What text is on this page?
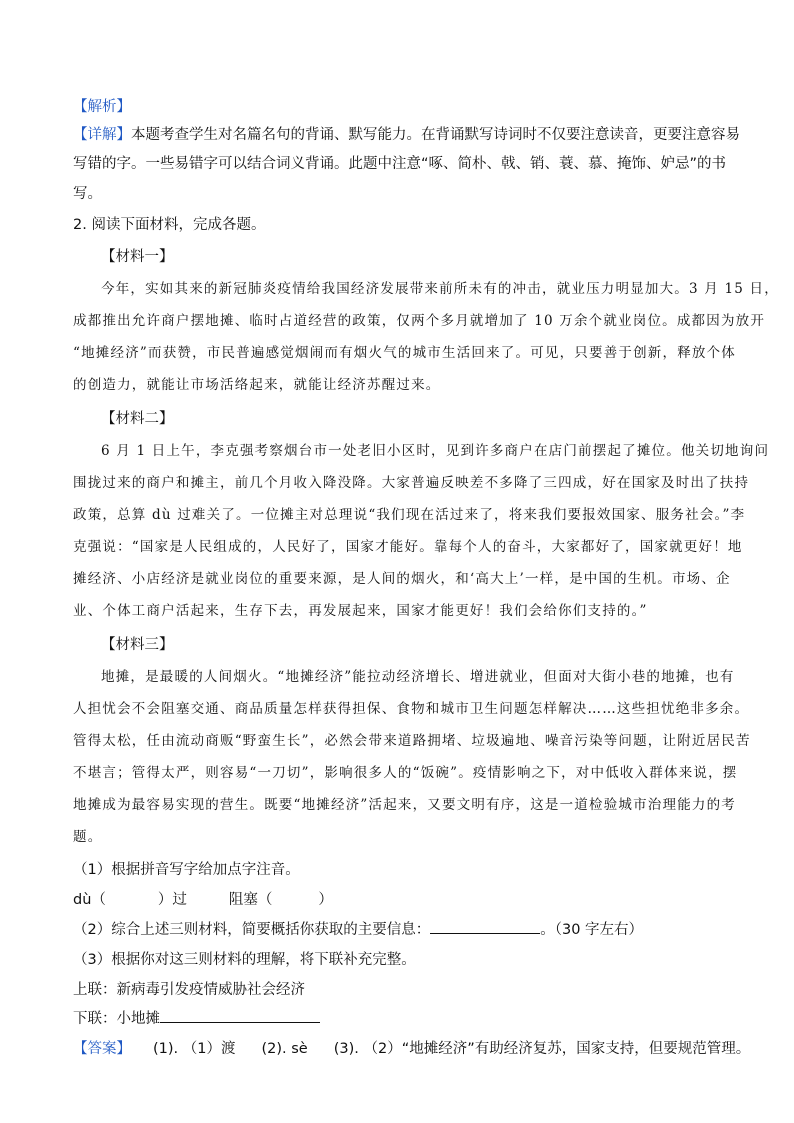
【解析】
【详解】本题考查学生对名篇名句的背诵、默写能力。在背诵默写诗词时不仅要注意读音，更要注意容易
写错的字。一些易错字可以结合词义背诵。此题中注意“啄、简朴、戟、销、蓑、慕、掩饰、妒忌”的书
写。
2. 阅读下面材料，完成各题。
【材料一】
今年，实如其来的新冠肺炎疫情给我国经济发展带来前所未有的冲击，就业压力明显加大。3 月 15 日，
成都推出允许商户摆地摊、临时占道经营的政策，仅两个多月就增加了 10 万余个就业岗位。成都因为放开
“地摊经济”而获赞，市民普遍感觉烟闹而有烟火气的城市生活回来了。可见，只要善于创新，释放个体
的创造力，就能让市场活络起来，就能让经济苏醒过来。
【材料二】
6 月 1 日上午，李克强考察烟台市一处老旧小区时，见到许多商户在店门前摆起了摊位。他关切地询问
围拢过来的商户和摊主，前几个月收入降没降。大家普遍反映差不多降了三四成，好在国家及时出了扶持
政策，总算 dù 过难关了。一位摊主对总理说“我们现在活过来了，将来我们要报效国家、服务社会。”李
克强说：“国家是人民组成的，人民好了，国家才能好。靠每个人的奋斗，大家都好了，国家就更好！地
摊经济、小店经济是就业岗位的重要来源，是人间的烟火，和‘高大上’一样，是中国的生机。市场、企
业、个体工商户活起来，生存下去，再发展起来，国家才能更好！我们会给你们支持的。”
【材料三】
地摊，是最暖的人间烟火。“地摊经济”能拉动经济增长、增进就业，但面对大街小巷的地摊，也有
人担忧会不会阻塞交通、商品质量怎样获得担保、食物和城市卫生问题怎样解决……这些担忧绝非多余。
管得太松，任由流动商贩“野蛮生长”，必然会带来道路拥堵、垃圾遍地、噪音污染等问题，让附近居民苦
不堪言；管得太严，则容易“一刀切”，影响很多人的“饭碗”。疫情影响之下，对中低收入群体来说，摆
地摊成为最容易实现的营生。既要“地摊经济”活起来，又要文明有序，这是一道检验城市治理能力的考
题。
（1）根据拼音写字给加点字注音。
dù（	）过	阻塞（	）
（2）综合上述三则材料，简要概括你获取的主要信息：	。（30 字左右）
（3）根据你对这三则材料的理解，将下联补充完整。
上联：新病毒引发疫情威胁社会经济
下联：小地摊
【答案】 (1). （1）渡 (2). sè (3). （2）“地摊经济”有助经济复苏，国家支持，但要规范管理。
